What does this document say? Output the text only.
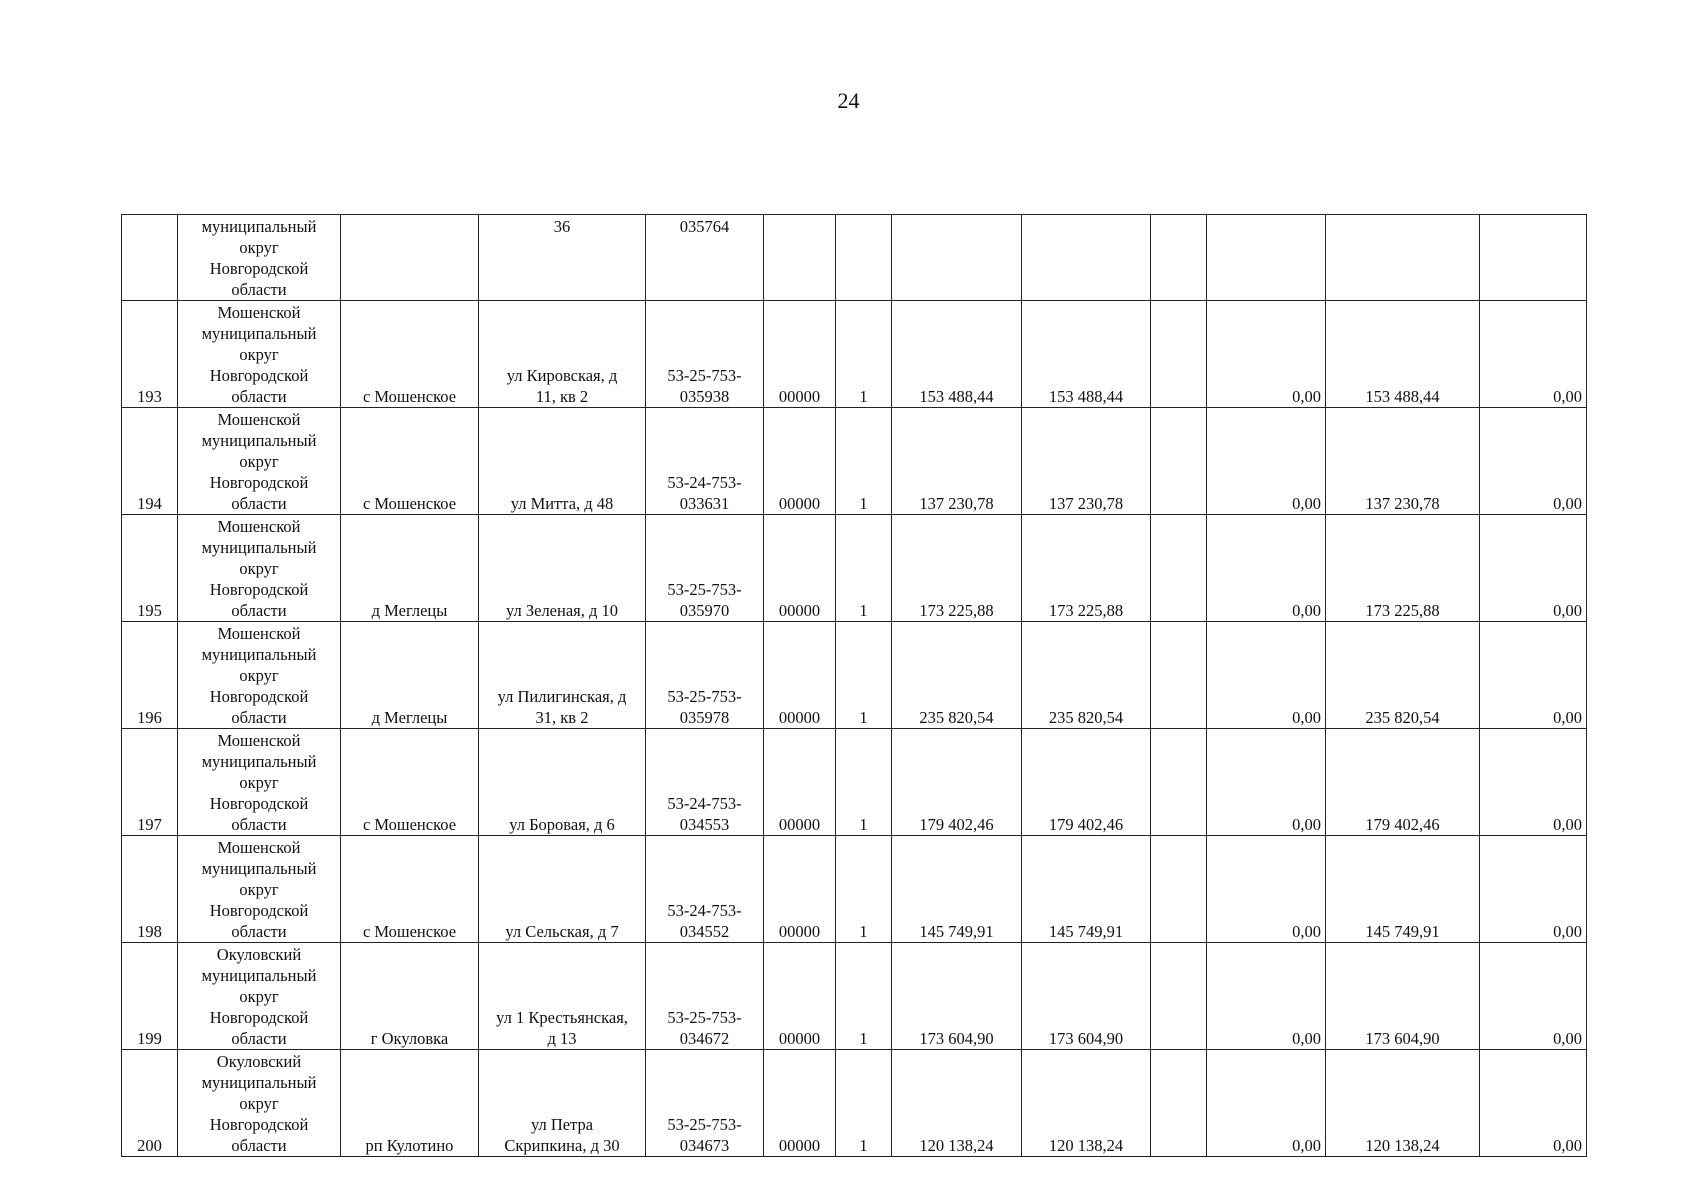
24
	муниципальный
округ
Новгородской
области		36	035764								
193	Мошенской
муниципальный
округ
Новгородской
области	с Мошенское	ул Кировская, д
11, кв 2	53-25-753-
035938	00000	1	153 488,44	153 488,44		0,00	153 488,44	0,00
194	Мошенской
муниципальный
округ
Новгородской
области	с Мошенское	ул Митта, д 48	53-24-753-
033631	00000	1	137 230,78	137 230,78		0,00	137 230,78	0,00
195	Мошенской
муниципальный
округ
Новгородской
области	д Меглецы	ул Зеленая, д 10	53-25-753-
035970	00000	1	173 225,88	173 225,88		0,00	173 225,88	0,00
196	Мошенской
муниципальный
округ
Новгородской
области	д Меглецы	ул Пилигинская, д
31, кв 2	53-25-753-
035978	00000	1	235 820,54	235 820,54		0,00	235 820,54	0,00
197	Мошенской
муниципальный
округ
Новгородской
области	с Мошенское	ул Боровая, д 6	53-24-753-
034553	00000	1	179 402,46	179 402,46		0,00	179 402,46	0,00
198	Мошенской
муниципальный
округ
Новгородской
области	с Мошенское	ул Сельская, д 7	53-24-753-
034552	00000	1	145 749,91	145 749,91		0,00	145 749,91	0,00
199	Окуловский
муниципальный
округ
Новгородской
области	г Окуловка	ул 1 Крестьянская,
д 13	53-25-753-
034672	00000	1	173 604,90	173 604,90		0,00	173 604,90	0,00
200	Окуловский
муниципальный
округ
Новгородской
области	рп Кулотино	ул Петра
Скрипкина, д 30	53-25-753-
034673	00000	1	120 138,24	120 138,24		0,00	120 138,24	0,00
